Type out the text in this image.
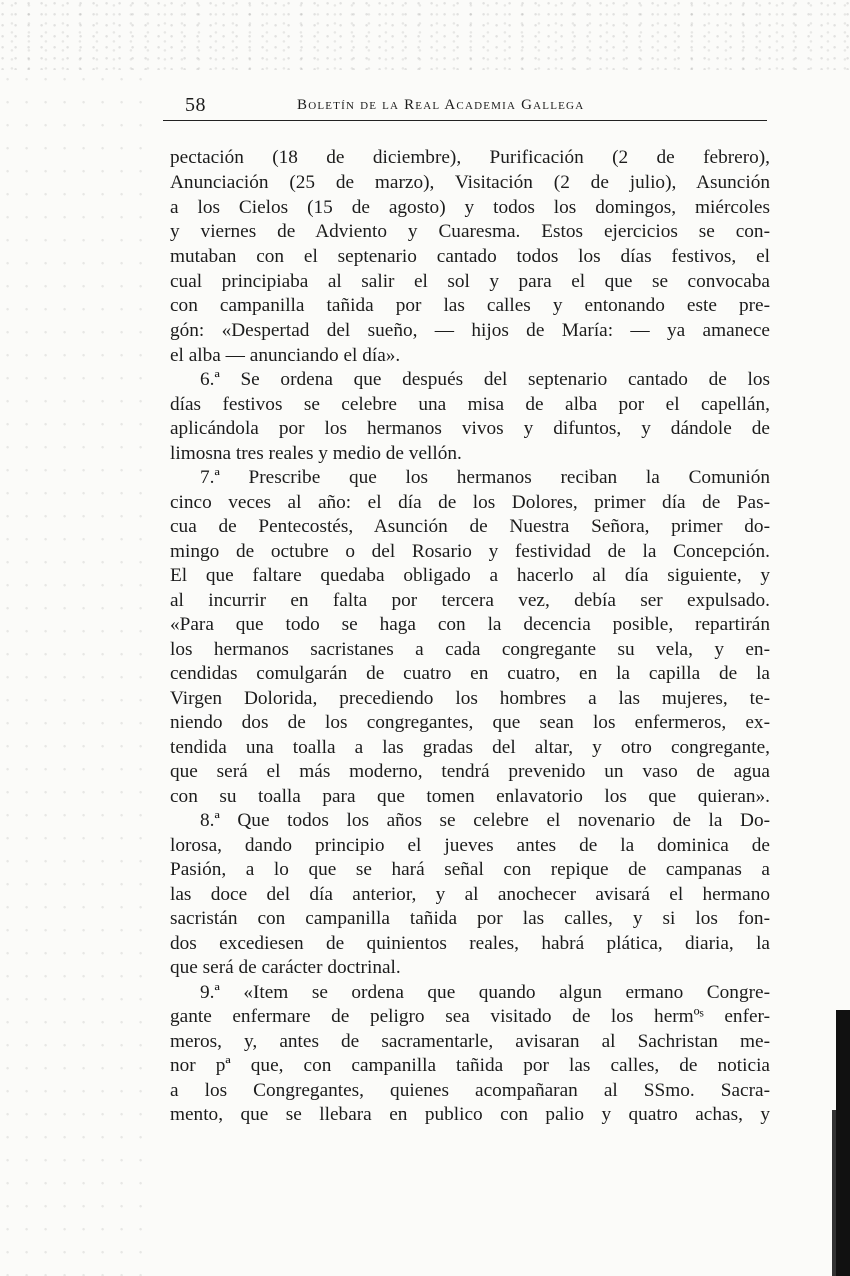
58	Boletín de la Real Academia Gallega
pectación (18 de diciembre), Purificación (2 de febrero),
Anunciación (25 de marzo), Visitación (2 de julio), Asunción
a los Cielos (15 de agosto) y todos los domingos, miércoles
y viernes de Adviento y Cuaresma. Estos ejercicios se con-
mutaban con el septenario cantado todos los días festivos, el
cual principiaba al salir el sol y para el que se convocaba
con campanilla tañida por las calles y entonando este pre-
gón: «Despertad del sueño, — hijos de María: — ya amanece
el alba — anunciando el día».
6.ª Se ordena que después del septenario cantado de los
días festivos se celebre una misa de alba por el capellán,
aplicándola por los hermanos vivos y difuntos, y dándole de
limosna tres reales y medio de vellón.
7.ª Prescribe que los hermanos reciban la Comunión
cinco veces al año: el día de los Dolores, primer día de Pas-
cua de Pentecostés, Asunción de Nuestra Señora, primer do-
mingo de octubre o del Rosario y festividad de la Concepción.
El que faltare quedaba obligado a hacerlo al día siguiente, y
al incurrir en falta por tercera vez, debía ser expulsado.
«Para que todo se haga con la decencia posible, repartirán
los hermanos sacristanes a cada congregante su vela, y en-
cendidas comulgarán de cuatro en cuatro, en la capilla de la
Virgen Dolorida, precediendo los hombres a las mujeres, te-
niendo dos de los congregantes, que sean los enfermeros, ex-
tendida una toalla a las gradas del altar, y otro congregante,
que será el más moderno, tendrá prevenido un vaso de agua
con su toalla para que tomen enlavatorio los que quieran».
8.ª Que todos los años se celebre el novenario de la Do-
lorosa, dando principio el jueves antes de la dominica de
Pasión, a lo que se hará señal con repique de campanas a
las doce del día anterior, y al anochecer avisará el hermano
sacristán con campanilla tañida por las calles, y si los fon-
dos excediesen de quinientos reales, habrá plática, diaria, la
que será de carácter doctrinal.
9.ª «Item se ordena que quando algun ermano Congre-
gante enfermare de peligro sea visitado de los hermºˢ enfer-
meros, y, antes de sacramentarle, avisaran al Sachristan me-
nor pª que, con campanilla tañida por las calles, de noticia
a los Congregantes, quienes acompañaran al SSmo. Sacra-
mento, que se llebara en publico con palio y quatro achas, y
